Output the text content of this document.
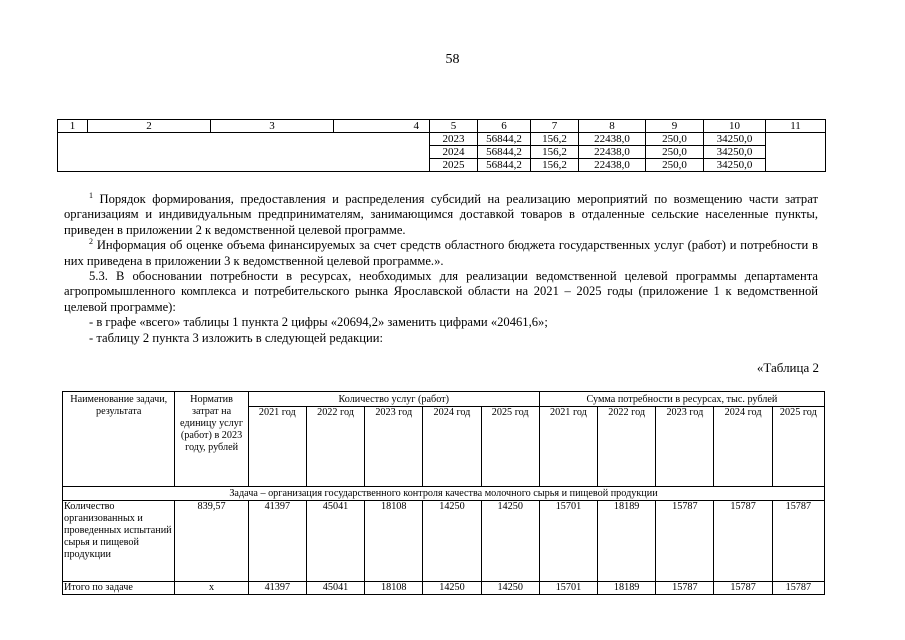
58
1	2	3	4	5	6	7	8	9	10	11
				2023	56844,2	156,2	22438,0	250,0	34250,0	
				2024	56844,2	156,2	22438,0	250,0	34250,0	
				2025	56844,2	156,2	22438,0	250,0	34250,0	

$^1$ Порядок формирования, предоставления и распределения субсидий на реализацию мероприятий по возмещению части затрат организациям и индивидуальным предпринимателям, занимающимся доставкой товаров в отдаленные сельские населенные пункты, приведен в приложении 2 к ведомственной целевой программе.

$^2$ Информация об оценке объема финансируемых за счет средств областного бюджета государственных услуг (работ) и потребности в них приведена в приложении 3 к ведомственной целевой программе.».

5.3. В обосновании потребности в ресурсах, необходимых для реализации ведомственной целевой программы департамента агропромышленного комплекса и потребительского рынка Ярославской области на 2021 – 2025 годы (приложение 1 к ведомственной целевой программе):

- в графе «всего» таблицы 1 пункта 2 цифры «20694,2» заменить цифрами «20461,6»;

- таблицу 2 пункта 3 изложить в следующей редакции:

«Таблица 2
Наименование задачи, результата	Норматив затрат на единицу услуг (работ) в 2023 году, рублей	Количество услуг (работ)					Сумма потребности в ресурсах, тыс. рублей				
		2021 год	2022 год	2023 год	2024 год	2025 год	2021 год	2022 год	2023 год	2024 год	2025 год
Задача – организация государственного контроля качества молочного сырья и пищевой продукции											
Количество организованных и проведенных испытаний сырья и пищевой продукции	839,57	41397	45041	18108	14250	14250	15701	18189	15787	15787	15787
Итого по задаче	х	41397	45041	18108	14250	14250	15701	18189	15787	15787	15787
